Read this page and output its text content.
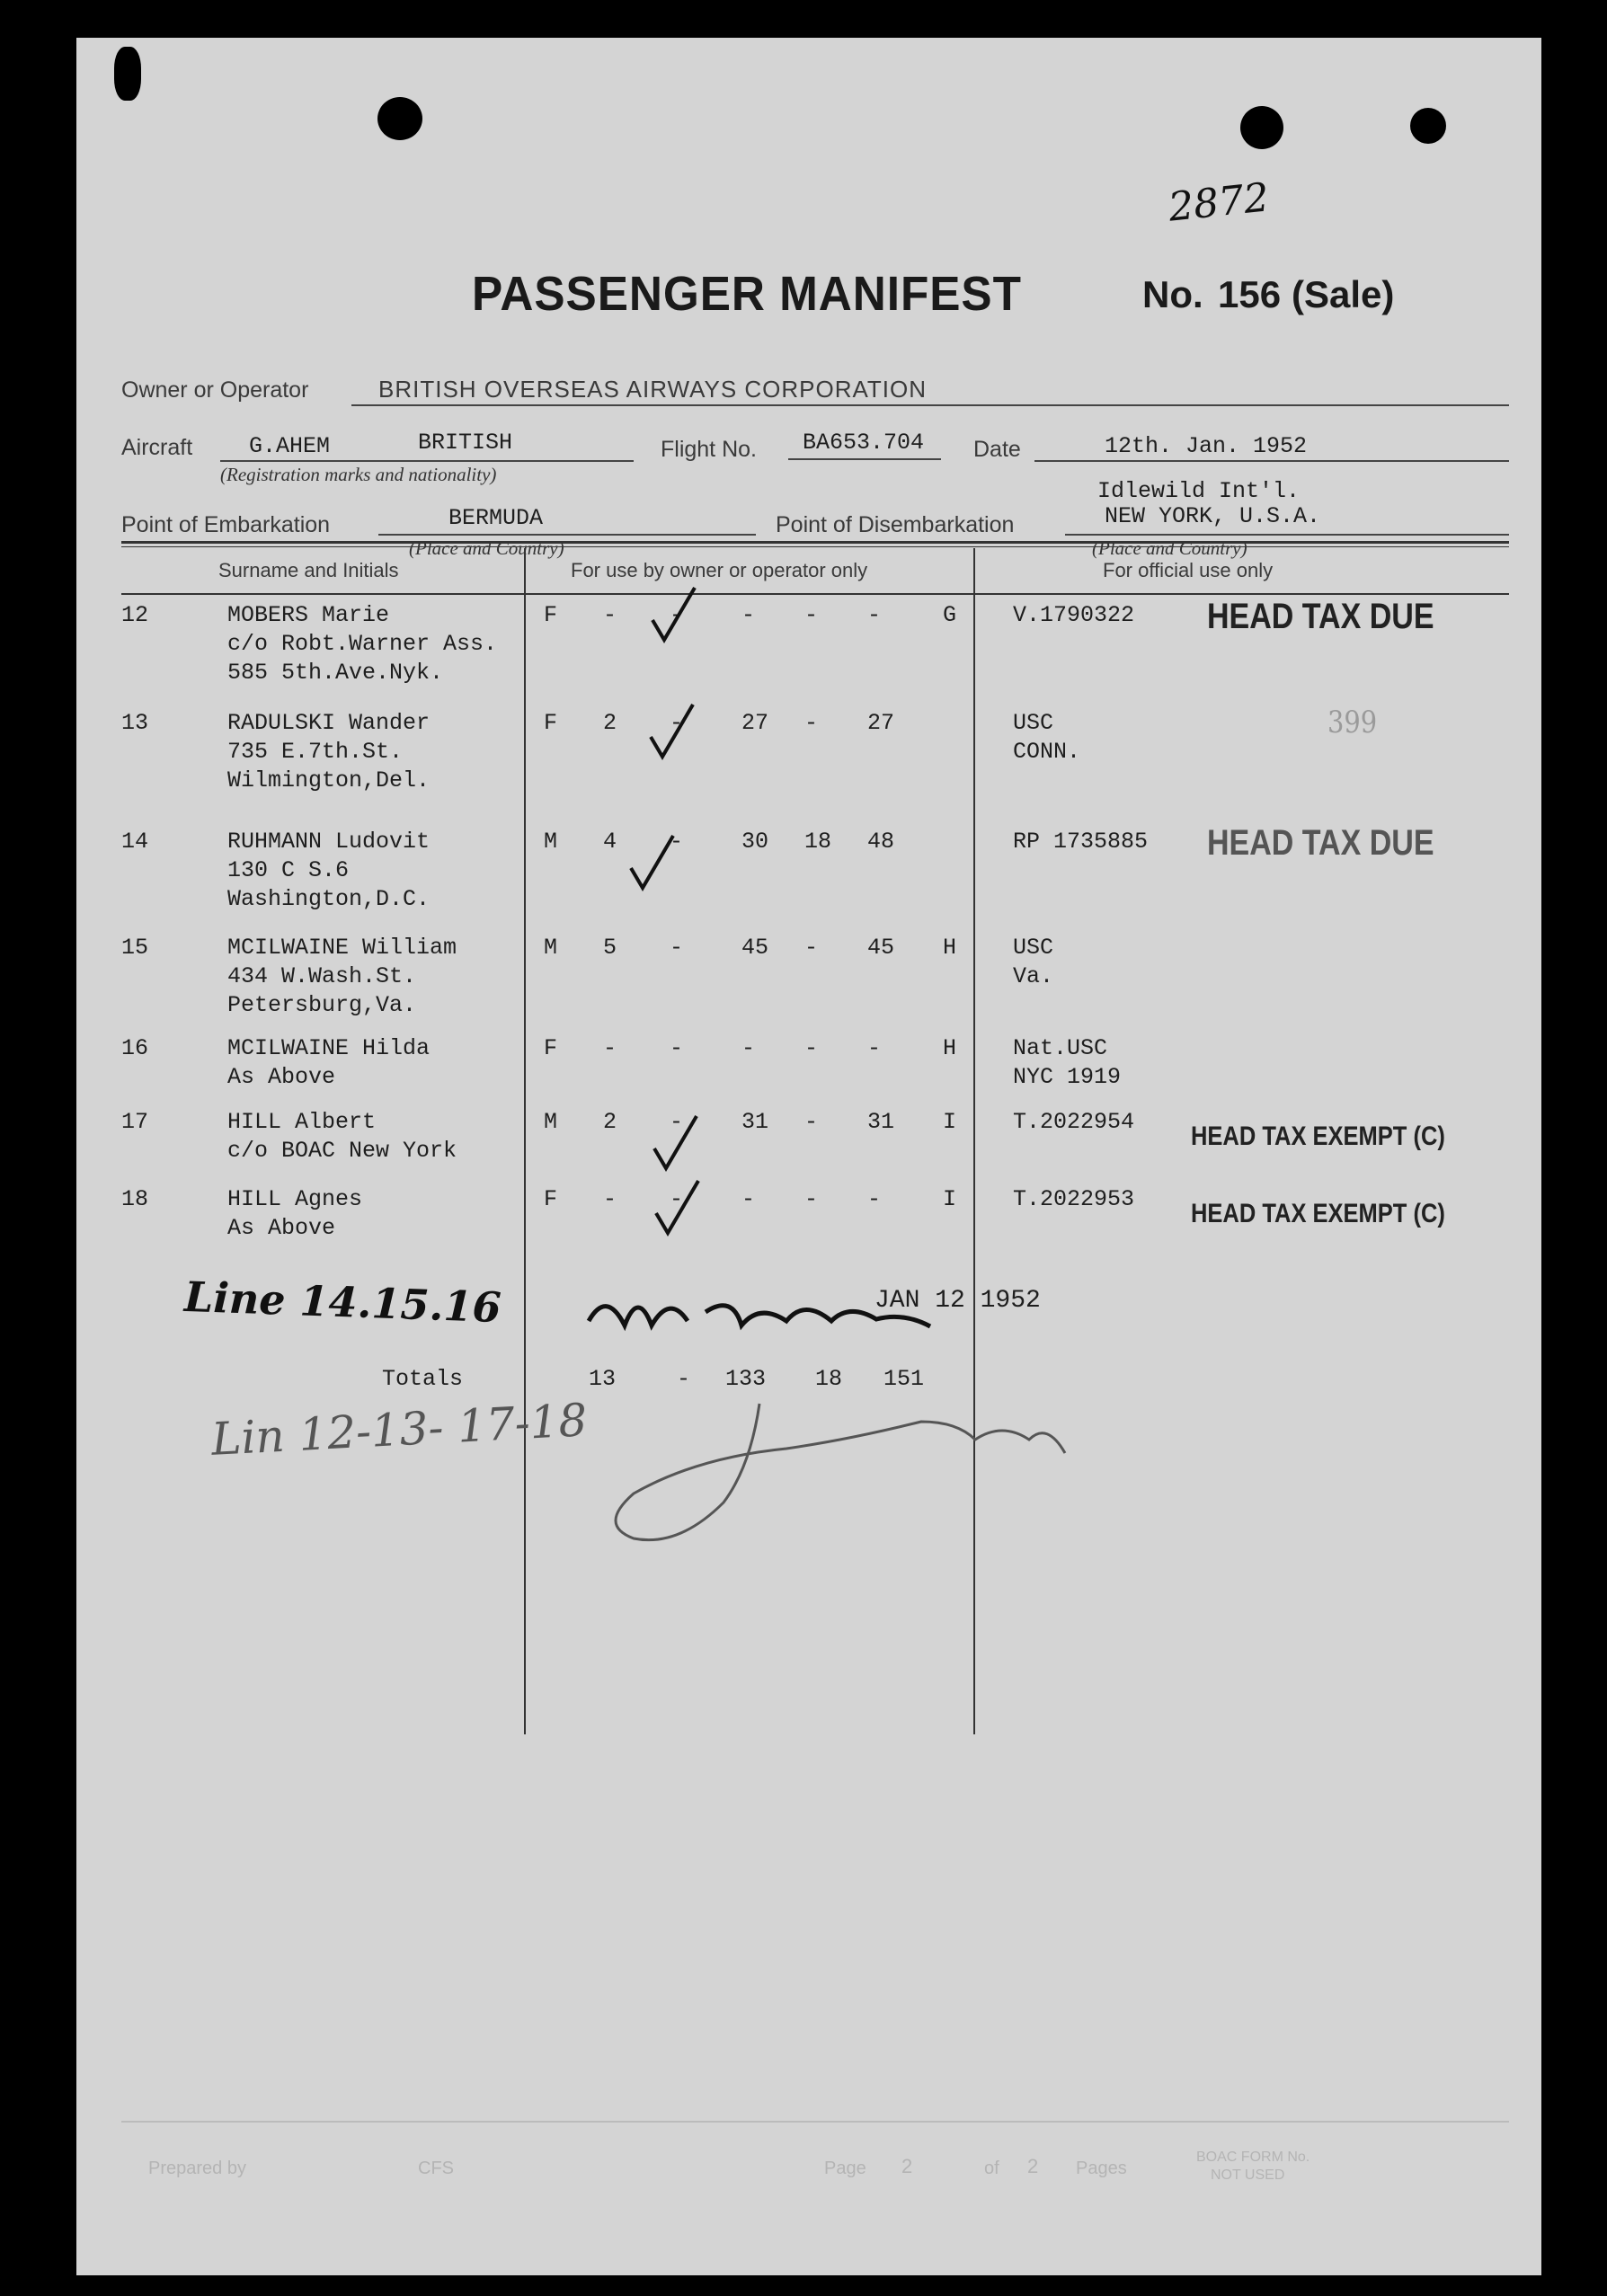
2872
PASSENGER MANIFEST	No. 156 (Sale)
Owner or Operator	BRITISH OVERSEAS AIRWAYS CORPORATION
Aircraft	G.AHEM	BRITISH
(Registration marks and nationality)
Flight No. BA653.704 Date	12th. Jan. 1952
Point of Embarkation	BERMUDA
(Place and Country)
Point of Disembarkation
Idlewild Int'l.
NEW YORK, U.S.A.
(Place and Country)
Surname and Initials	For use by owner or operator only	For official use only
12	MOBERS Marie
c/o Robt.Warner Ass.
585 5th.Ave.Nyk.
F - -	- - -	G	V.1790322 HEAD TAX DUE
13	RADULSKI Wander
735 E.7th.St.
Wilmington,Del.
F 2 -	27 - 27	USC
CONN.
399
14	RUHMANN Ludovit
130 C S.6
Washington,D.C.
M 4 -	30 18 48	RP 1735885 HEAD TAX DUE
15	MCILWAINE William
434 W.Wash.St.
Petersburg,Va.
M 5 -	45 - 45 H	USC
Va.
16	MCILWAINE Hilda
As Above
F - -	- - -	H	Nat.USC
NYC 1919
17	HILL Albert
c/o BOAC New York
M 2 -	31 - 31 I	T.2022954 HEAD TAX EXEMPT (C)
18	HILL Agnes
As Above
F - -	- - -	I	T.2022953 HEAD TAX EXEMPT (C)
Line 14.15.16	JAN 12 1952
Lin 12-13- 17-18
Totals	13	- 133 18 151
Prepared by	CFS	Page 2	of 2 Pages
BOAC FORM No.
NOT USED
